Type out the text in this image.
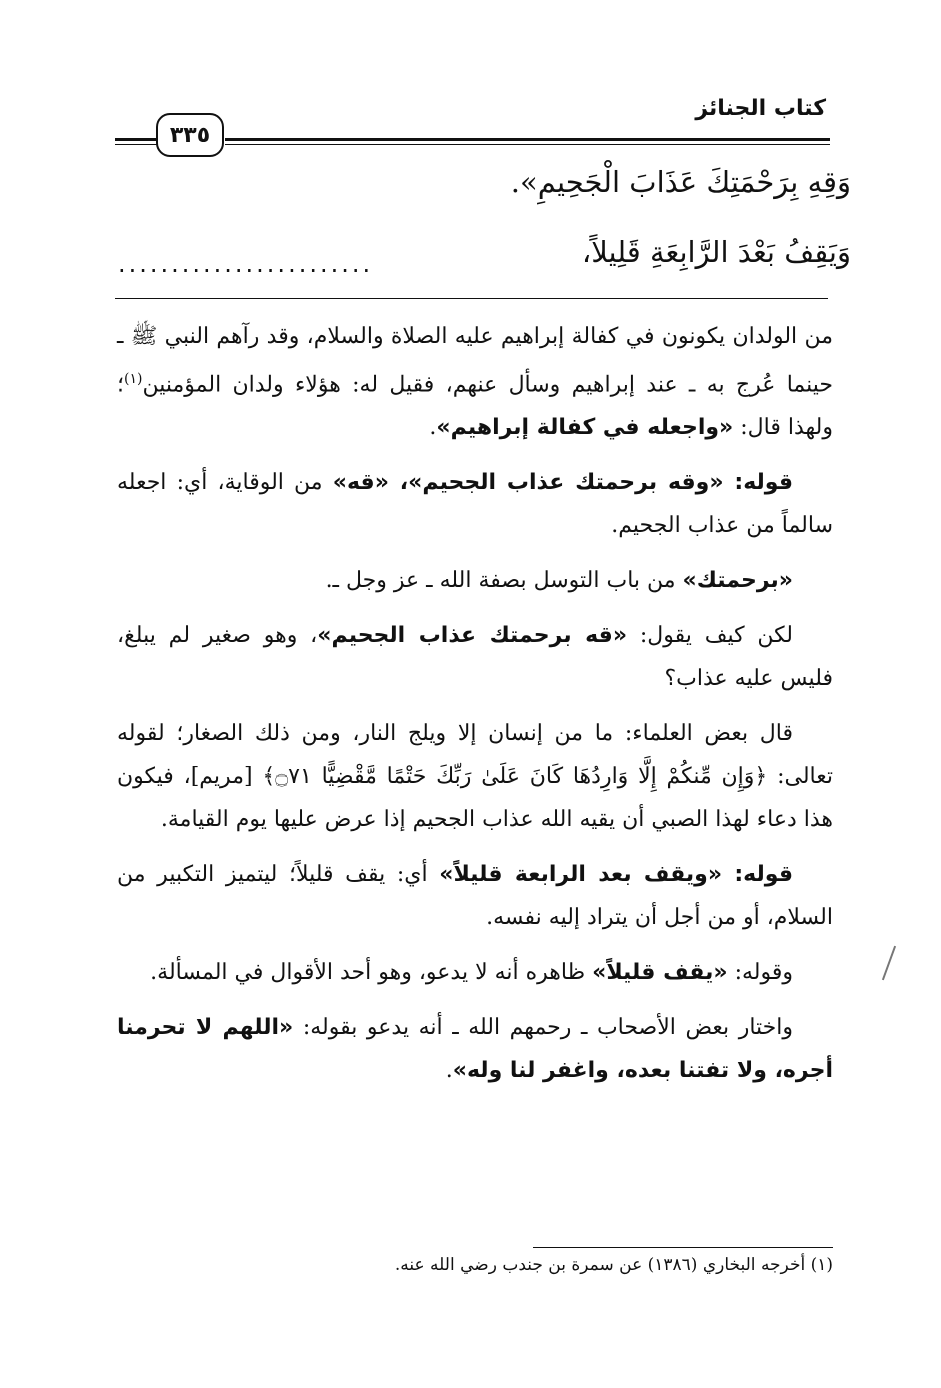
كتاب الجنائز
٣٣٥
وَقِهِ بِرَحْمَتِكَ عَذَابَ الْجَحِيمِ».
وَيَقِفُ بَعْدَ الرَّابِعَةِ قَلِيلاً،
........................

من الولدان يكونون في كفالة إبراهيم عليه الصلاة والسلام، وقد رآهم النبي ﷺ ـ حينما عُرج به ـ عند إبراهيم وسأل عنهم، فقيل له: هؤلاء ولدان المؤمنين$^{(١)}$؛ ولهذا قال: «واجعله في كفالة إبراهيم».

قوله: «وقه برحمتك عذاب الجحيم»، «قه» من الوقاية، أي: اجعله سالماً من عذاب الجحيم.

«برحمتك» من باب التوسل بصفة الله ـ عز وجل ـ.

لكن كيف يقول: «قه برحمتك عذاب الجحيم»، وهو صغير لم يبلغ، فليس عليه عذاب؟

قال بعض العلماء: ما من إنسان إلا ويلج النار، ومن ذلك الصغار؛ لقوله تعالى: ﴿وَإِن مِّنكُمْ إِلَّا وَارِدُهَا كَانَ عَلَىٰ رَبِّكَ حَتْمًا مَّقْضِيًّا ۝٧١﴾ [مريم]، فيكون هذا دعاء لهذا الصبي أن يقيه الله عذاب الجحيم إذا عرض عليها يوم القيامة.

قوله: «ويقف بعد الرابعة قليلاً» أي: يقف قليلاً؛ ليتميز التكبير من السلام، أو من أجل أن يتراد إليه نفسه.

وقوله: «يقف قليلاً» ظاهره أنه لا يدعو، وهو أحد الأقوال في المسألة.

واختار بعض الأصحاب ـ رحمهم الله ـ أنه يدعو بقوله: «اللهم لا تحرمنا أجره، ولا تفتنا بعده، واغفر لنا وله».

(١) أخرجه البخاري (١٣٨٦) عن سمرة بن جندب رضي الله عنه.
